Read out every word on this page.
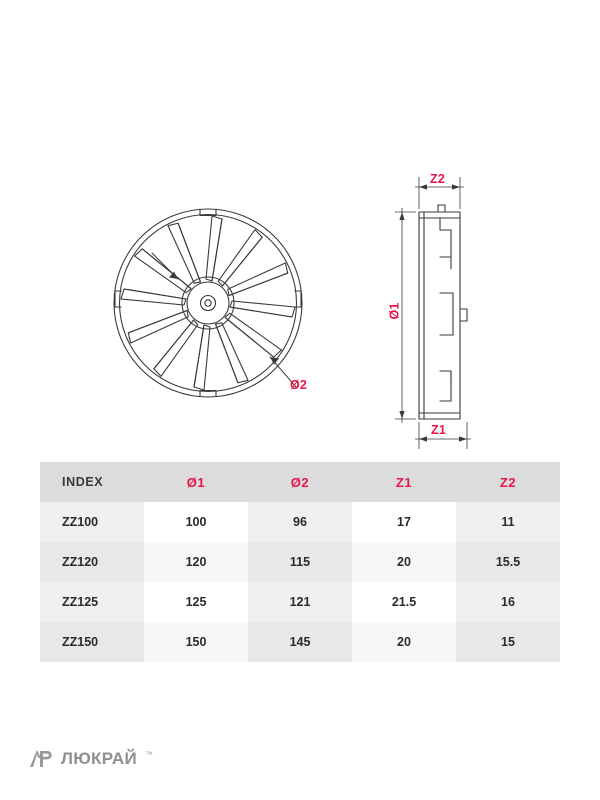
Ø2
Z2
Ø1
Z1
INDEX	Ø1	Ø2	Z1	Z2
ZZ100	100	96	17	11
ZZ120	120	115	20	15.5
ZZ125	125	121	21.5	16
ZZ150	150	145	20	15
ЛЮКРАЙ ™
